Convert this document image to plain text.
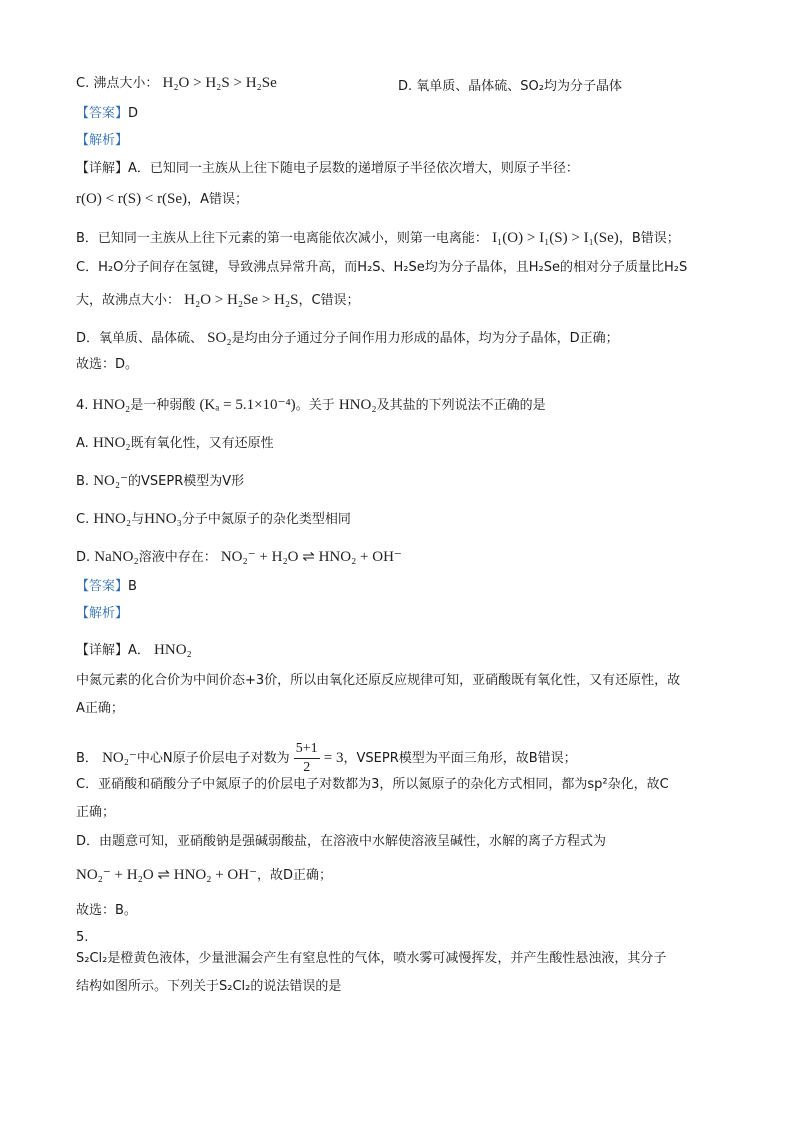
C. 沸点大小： H₂O > H₂S > H₂Se	D. 氧单质、晶体硫、SO₂均为分子晶体
【答案】D
【解析】
【详解】A．已知同一主族从上往下随电子层数的递增原子半径依次增大，则原子半径：
r(O) < r(S) < r(Se)，A错误；
B．已知同一主族从上往下元素的第一电离能依次减小，则第一电离能： I₁(O) > I₁(S) > I₁(Se)，B错误；
C．H₂O分子间存在氢键，导致沸点异常升高，而H₂S、H₂Se均为分子晶体，且H₂Se的相对分子质量比H₂S
大，故沸点大小： H₂O > H₂Se > H₂S，C错误；
D．氧单质、晶体硫、 SO₂是均由分子通过分子间作用力形成的晶体，均为分子晶体，D正确；
故选：D。
4. HNO₂是一种弱酸 (Kₐ = 5.1×10⁻⁴)。关于 HNO₂及其盐的下列说法不正确的是
A. HNO₂既有氧化性，又有还原性
B. NO₂⁻的VSEPR模型为V形
C. HNO₂与HNO₃分子中氮原子的杂化类型相同
D. NaNO₂溶液中存在： NO₂⁻ + H₂O ⇌ HNO₂ + OH⁻
【答案】B
【解析】
【详解】A． HNO₂
中氮元素的化合价为中间价态+3价，所以由氧化还原反应规律可知，亚硝酸既有氧化性，又有还原性，故
A正确；
B． NO₂⁻中心N原子价层电子对数为 $\frac{5+1}{2} = 3$，VSEPR模型为平面三角形，故B错误；
C．亚硝酸和硝酸分子中氮原子的价层电子对数都为3，所以氮原子的杂化方式相同，都为sp²杂化，故C
正确；
D．由题意可知，亚硝酸钠是强碱弱酸盐，在溶液中水解使溶液呈碱性，水解的离子方程式为
NO₂⁻ + H₂O ⇌ HNO₂ + OH⁻，故D正确；
故选：B。
5.
S₂Cl₂是橙黄色液体，少量泄漏会产生有窒息性的气体，喷水雾可减慢挥发，并产生酸性悬浊液，其分子
结构如图所示。下列关于S₂Cl₂的说法错误的是
